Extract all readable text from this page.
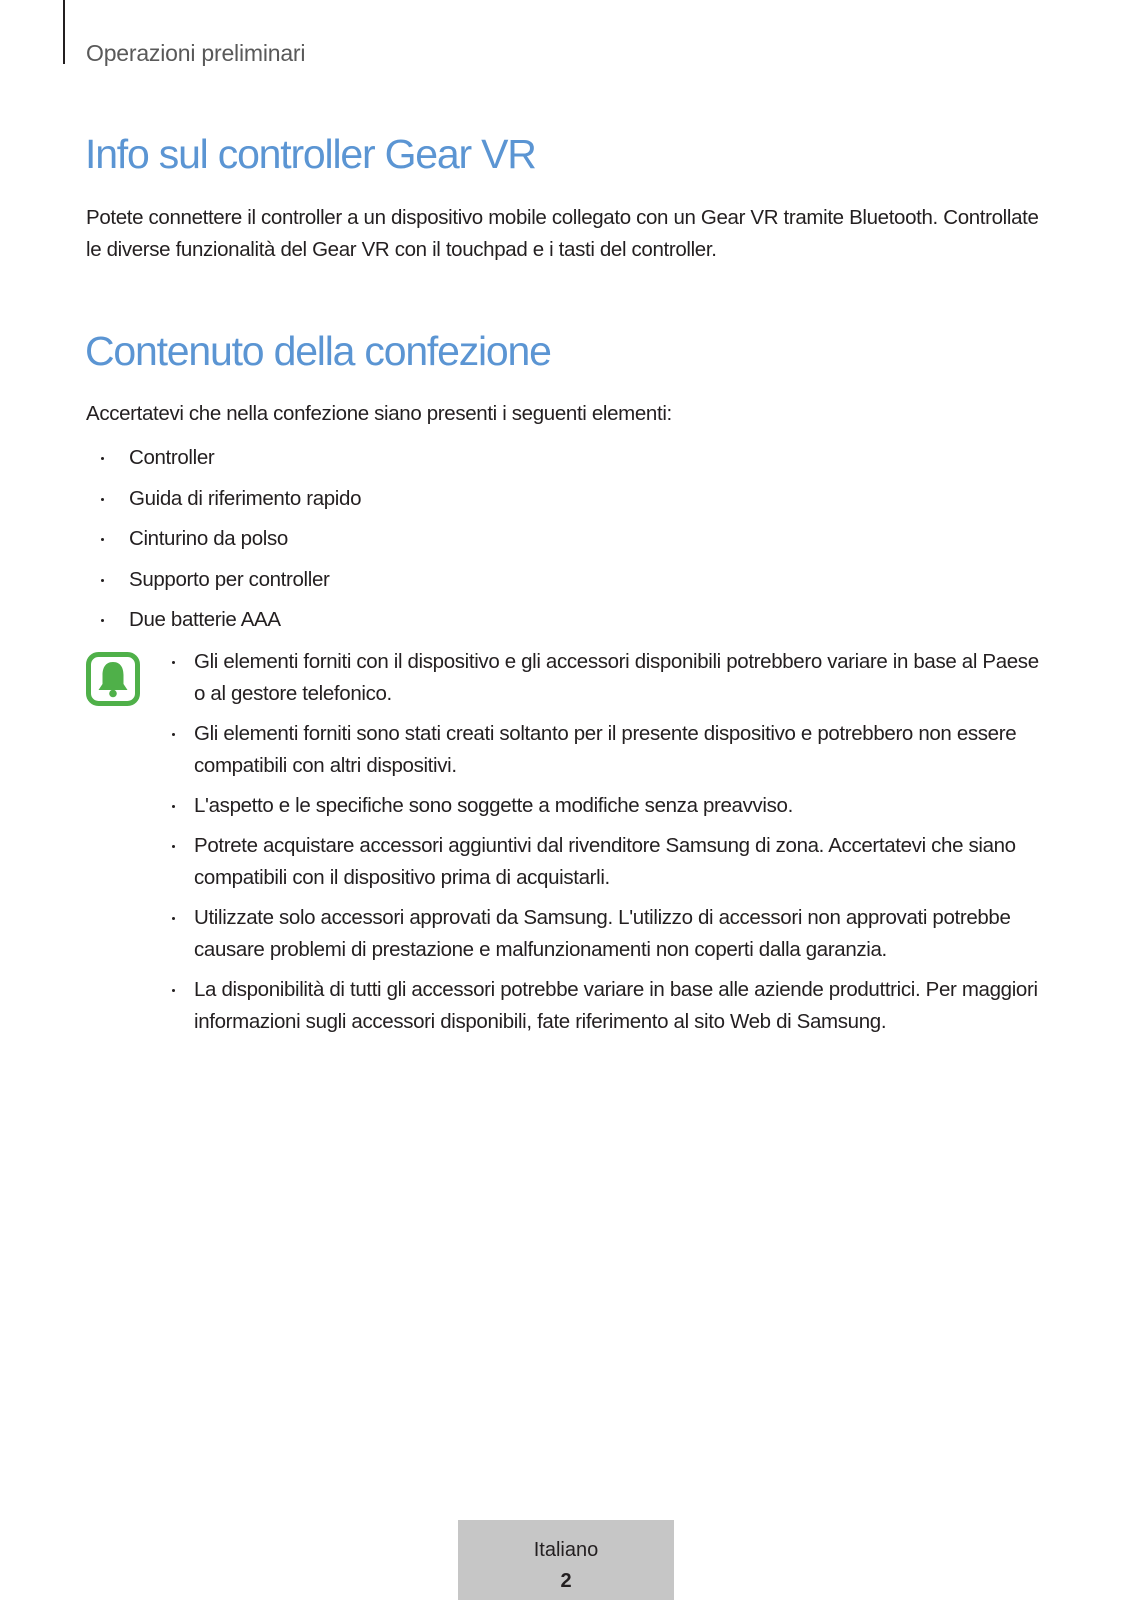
Operazioni preliminari
Info sul controller Gear VR

Potete connettere il controller a un dispositivo mobile collegato con un Gear VR tramite Bluetooth. Controllate le diverse funzionalità del Gear VR con il touchpad e i tasti del controller.

Contenuto della confezione

Accertatevi che nella confezione siano presenti i seguenti elementi:

Controller
Guida di riferimento rapido
Cinturino da polso
Supporto per controller
Due batterie AAA
Gli elementi forniti con il dispositivo e gli accessori disponibili potrebbero variare in base al Paese o al gestore telefonico.
Gli elementi forniti sono stati creati soltanto per il presente dispositivo e potrebbero non essere compatibili con altri dispositivi.
L'aspetto e le specifiche sono soggette a modifiche senza preavviso.
Potrete acquistare accessori aggiuntivi dal rivenditore Samsung di zona. Accertatevi che siano compatibili con il dispositivo prima di acquistarli.
Utilizzate solo accessori approvati da Samsung. L'utilizzo di accessori non approvati potrebbe causare problemi di prestazione e malfunzionamenti non coperti dalla garanzia.
La disponibilità di tutti gli accessori potrebbe variare in base alle aziende produttrici. Per maggiori informazioni sugli accessori disponibili, fate riferimento al sito Web di Samsung.
Italiano
2
